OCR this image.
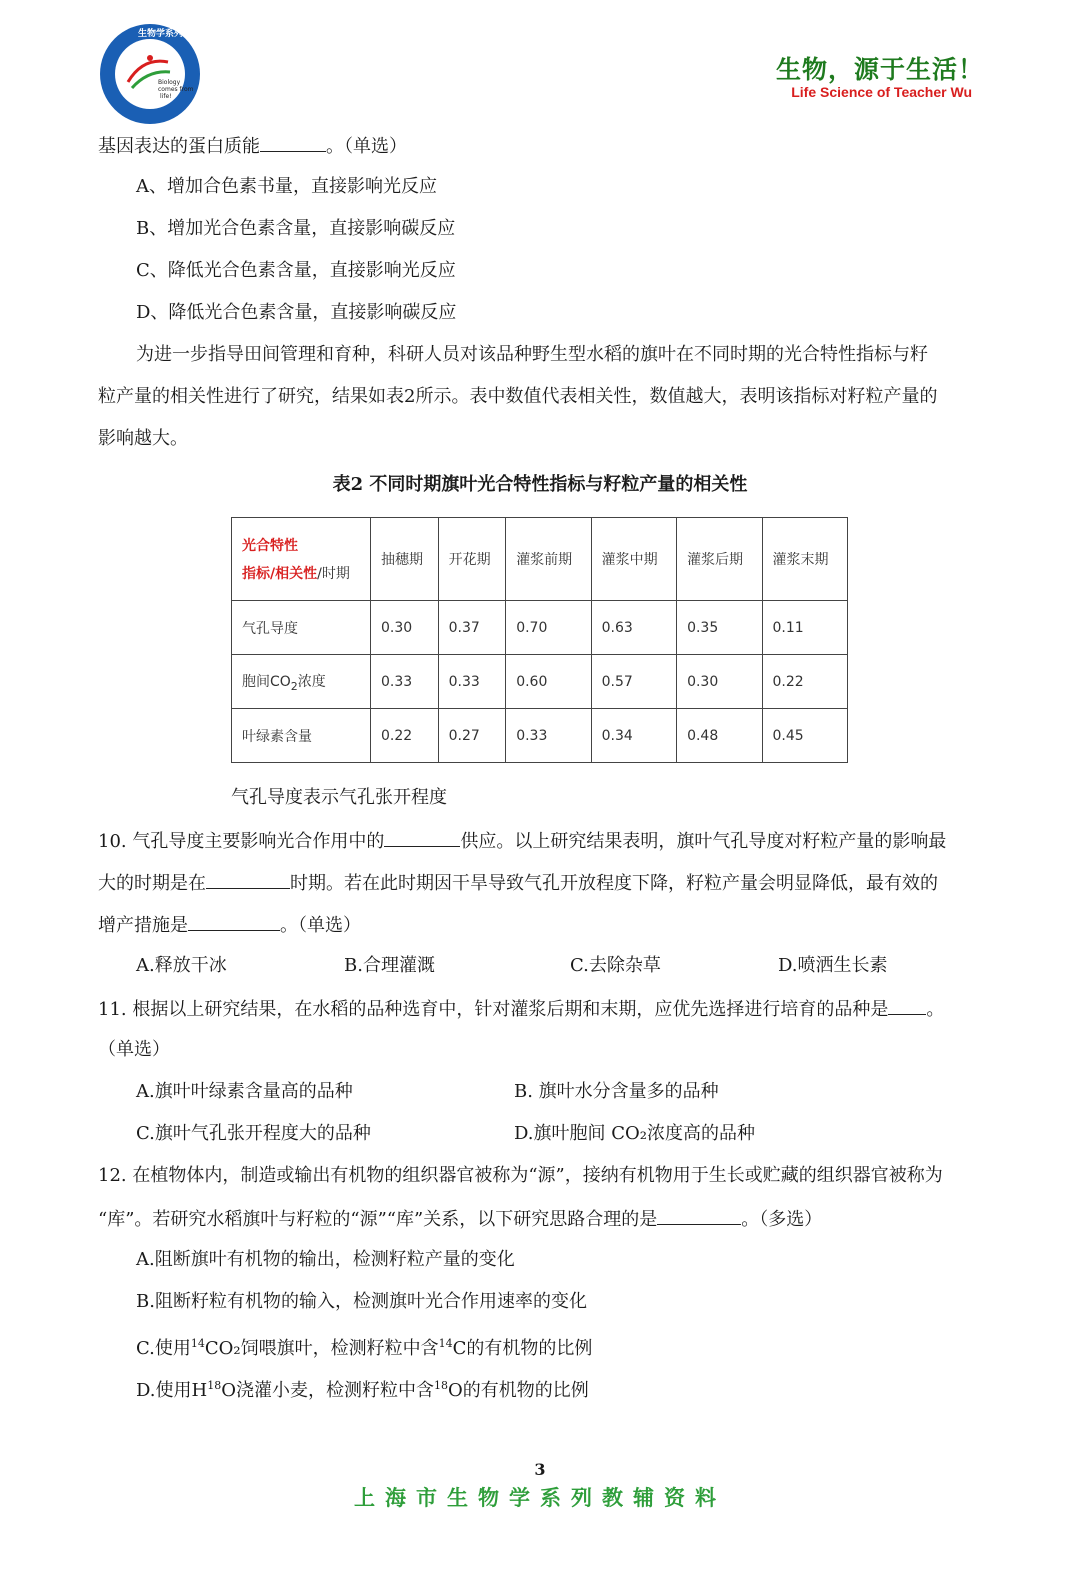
Biology
comes from
life!
生物学系列
生物，源于生活！
Life Science of Teacher Wu
基因表达的蛋白质能	。（单选）
A、增加合色素书量，直接影响光反应
B、增加光合色素含量，直接影响碳反应
C、降低光合色素含量，直接影响光反应
D、降低光合色素含量，直接影响碳反应
为进一步指导田间管理和育种，科研人员对该品种野生型水稻的旗叶在不同时期的光合特性指标与籽
粒产量的相关性进行了研究，结果如表2所示。表中数值代表相关性，数值越大，表明该指标对籽粒产量的
影响越大。
表2 不同时期旗叶光合特性指标与籽粒产量的相关性
光合特性
指标/相关性/时期	抽穗期	开花期	灌浆前期	灌浆中期	灌浆后期	灌浆末期
气孔导度	0.30	0.37	0.70	0.63	0.35	0.11
胞间$CO_2$浓度	0.33	0.33	0.60	0.57	0.30	0.22
叶绿素含量	0.22	0.27	0.33	0.34	0.48	0.45
气孔导度表示气孔张开程度
10. 气孔导度主要影响光合作用中的	供应。以上研究结果表明，旗叶气孔导度对籽粒产量的影响最
大的时期是在	时期。若在此时期因干旱导致气孔开放程度下降，籽粒产量会明显降低，最有效的
增产措施是	。（单选）
A.释放干冰	B.合理灌溉	C.去除杂草	D.喷洒生长素
11. 根据以上研究结果，在水稻的品种选育中，针对灌浆后期和末期，应优先选择进行培育的品种是 。
（单选）
A.旗叶叶绿素含量高的品种	B. 旗叶水分含量多的品种
C.旗叶气孔张开程度大的品种	D.旗叶胞间 CO₂浓度高的品种
12. 在植物体内，制造或输出有机物的组织器官被称为“源”，接纳有机物用于生长或贮藏的组织器官被称为
“库”。若研究水稻旗叶与籽粒的“源”“库”关系，以下研究思路合理的是	。（多选）
A.阻断旗叶有机物的输出，检测籽粒产量的变化
B.阻断籽粒有机物的输入，检测旗叶光合作用速率的变化
C.使用$^{14}$CO₂饲喂旗叶，检测籽粒中含$^{14}$C的有机物的比例
D.使用$H^{18}O$浇灌小麦，检测籽粒中含$^{18}$O的有机物的比例
3
上海市生物学系列教辅资料
